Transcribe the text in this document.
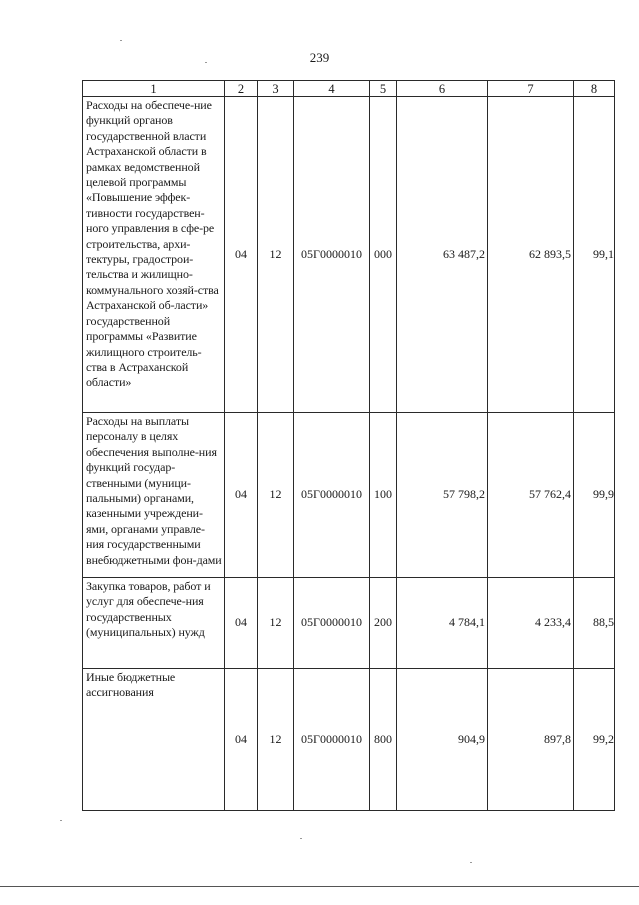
239
1	2	3	4	5	6	7	8
Расходы на обеспече-ние функций органов государственной власти Астраханской области в рамках ведомственной целевой программы «Повышение эффек-тивности государствен-ного управления в сфе-ре строительства, архи-тектуры, градострои-тельства и жилищно-коммунального хозяй-ства Астраханской об-ласти» государственной программы «Развитие жилищного строитель-ства в Астраханской области»	04	12	05Г0000010	000	63 487,2	62 893,5	99,1
Расходы на выплаты персоналу в целях обеспечения выполне-ния функций государ-ственными (муници-пальными) органами, казенными учреждени-ями, органами управле-ния государственными внебюджетными фон-дами	04	12	05Г0000010	100	57 798,2	57 762,4	99,9
Закупка товаров, работ и услуг для обеспече-ния государственных (муниципальных) нужд	04	12	05Г0000010	200	4 784,1	4 233,4	88,5
Иные бюджетные ассигнования	04	12	05Г0000010	800	904,9	897,8	99,2
